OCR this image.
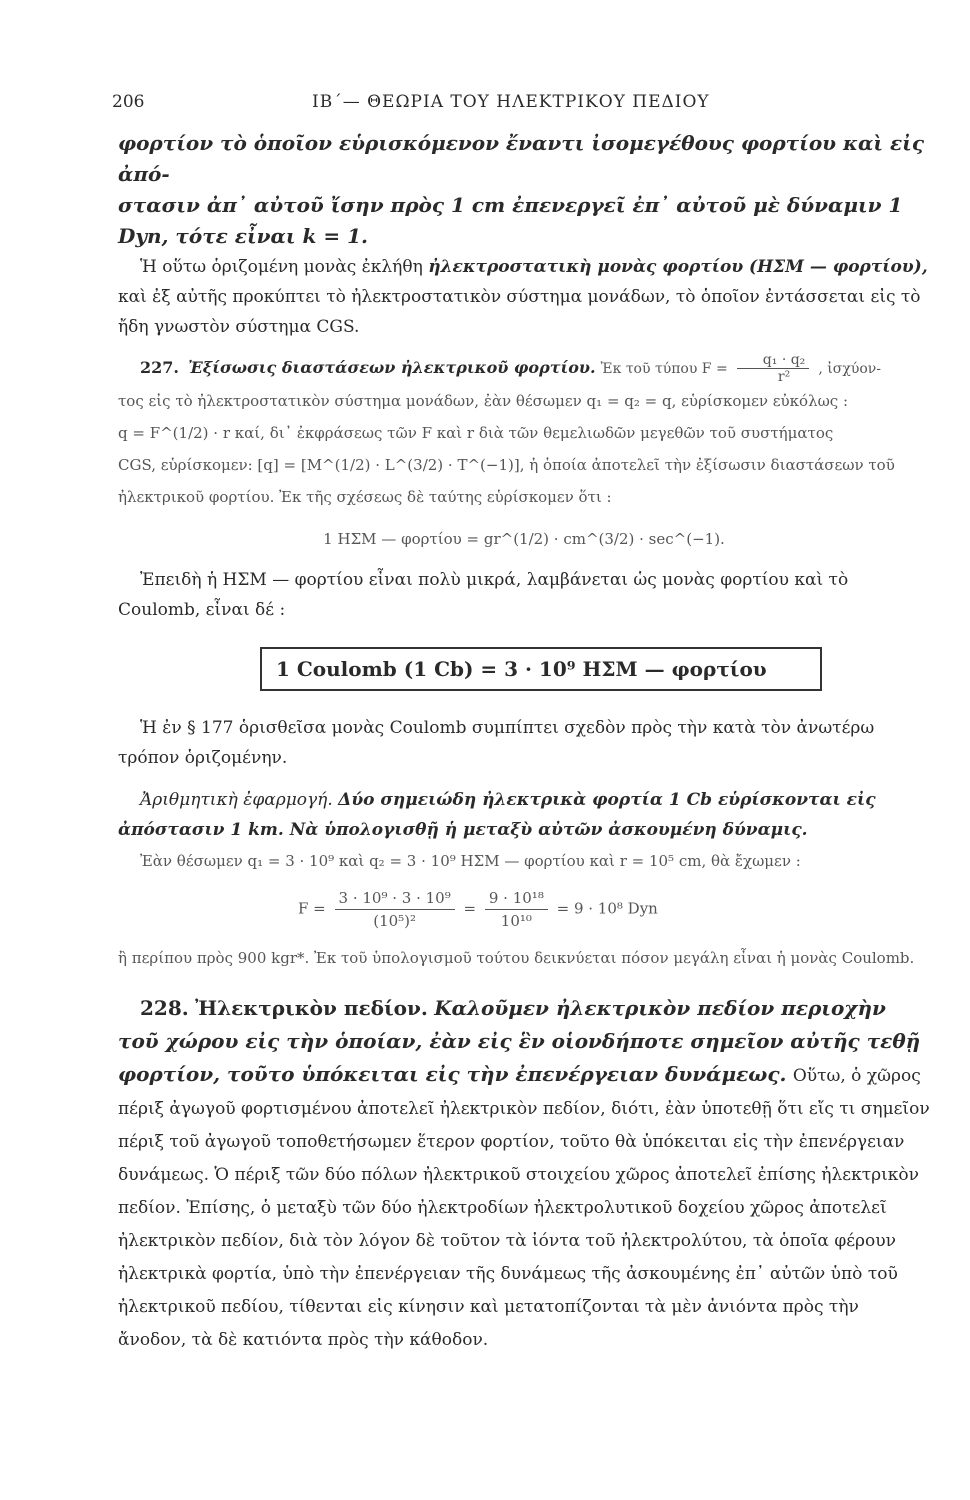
206	ΙΒ΄— ΘΕΩΡΙΑ ΤΟΥ ΗΛΕΚΤΡΙΚΟΥ ΠΕΔΙΟΥ

φορτίον τὸ ὁποῖον εὑρισκόμενον ἔναντι ἰσομεγέθους φορτίου καὶ εἰς ἀπό-

στασιν ἀπ᾽ αὐτοῦ ἴσην πρὸς 1 cm ἐπενεργεῖ ἐπ᾽ αὐτοῦ μὲ δύναμιν 1

Dyn, τότε εἶναι k = 1.

Ἡ οὕτω ὁριζομένη μονὰς ἐκλήθη ἠλεκτροστατικὴ μονὰς φορτίου (ΗΣΜ — φορτίου), καὶ ἐξ αὐτῆς προκύπτει τὸ ἠλεκτροστατικὸν σύστημα μονάδων, τὸ ὁποῖον ἐντάσσεται εἰς τὸ ἤδη γνωστὸν σύστημα CGS.

227. Ἐξίσωσις διαστάσεων ἠλεκτρικοῦ φορτίου. Ἐκ τοῦ τύπου $F = \frac{\text{q₁ · q₂}}{\text{r²}}$ , ἰσχύον-

τος εἰς τὸ ἠλεκτροστατικὸν σύστημα μονάδων, ἐὰν θέσωμεν q₁ = q₂ = q, εὑρίσκομεν εὐκόλως :

q = F^(1/2) · r καί, δι᾽ ἐκφράσεως τῶν F καὶ r διὰ τῶν θεμελιωδῶν μεγεθῶν τοῦ συστήματος

CGS, εὑρίσκομεν: [q] = [M^(1/2) · L^(3/2) · T^(−1)], ἡ ὁποία ἀποτελεῖ τὴν ἐξίσωσιν διαστάσεων τοῦ

ἠλεκτρικοῦ φορτίου. Ἐκ τῆς σχέσεως δὲ ταύτης εὑρίσκομεν ὅτι :

1 ΗΣΜ — φορτίου = gr^(1/2) · cm^(3/2) · sec^(−1).

Ἐπειδὴ ἡ ΗΣΜ — φορτίου εἶναι πολὺ μικρά, λαμβάνεται ὡς μονὰς φορτίου καὶ τὸ Coulomb, εἶναι δέ :

1 Coulomb (1 Cb) = 3 · 10⁹ ΗΣΜ — φορτίου

Ἡ ἐν § 177 ὁρισθεῖσα μονὰς Coulomb συμπίπτει σχεδὸν πρὸς τὴν κατὰ τὸν ἀνωτέρω τρόπον ὁριζομένην.

Ἀριθμητικὴ ἐφαρμογή. Δύο σημειώδη ἠλεκτρικὰ φορτία 1 Cb εὑρίσκονται εἰς ἀπόστασιν 1 km. Νὰ ὑπολογισθῇ ἡ μεταξὺ αὐτῶν ἀσκουμένη δύναμις.

Ἐὰν θέσωμεν q₁ = 3 · 10⁹ καὶ q₂ = 3 · 10⁹ ΗΣΜ — φορτίου καὶ r = 10⁵ cm, θὰ ἔχωμεν :

$F = \frac{\text{3 · 10⁹ · 3 · 10⁹}}{\text{(10⁵)²}} = \frac{\text{9 · 10¹⁸}}{\text{10¹⁰}} = 9 \cdot 10^8$ Dyn

ἢ περίπου πρὸς 900 kgr*. Ἐκ τοῦ ὑπολογισμοῦ τούτου δεικνύεται πόσον μεγάλη εἶναι ἡ μονὰς Coulomb.

228. Ἠλεκτρικὸν πεδίον. Καλοῦμεν ἠλεκτρικὸν πεδίον περιοχὴν τοῦ χώρου εἰς τὴν ὁποίαν, ἐὰν εἰς ἓν οἱονδήποτε σημεῖον αὐτῆς τεθῇ φορτίον, τοῦτο ὑπόκειται εἰς τὴν ἐπενέργειαν δυνάμεως. Οὕτω, ὁ χῶρος πέριξ ἀγωγοῦ φορτισμένου ἀποτελεῖ ἠλεκτρικὸν πεδίον, διότι, ἐὰν ὑποτεθῇ ὅτι εἴς τι σημεῖον πέριξ τοῦ ἀγωγοῦ τοποθετήσωμεν ἕτερον φορτίον, τοῦτο θὰ ὑπόκειται εἰς τὴν ἐπενέργειαν δυνάμεως. Ὁ πέριξ τῶν δύο πόλων ἠλεκτρικοῦ στοιχείου χῶρος ἀποτελεῖ ἐπίσης ἠλεκτρικὸν πεδίον. Ἐπίσης, ὁ μεταξὺ τῶν δύο ἠλεκτροδίων ἠλεκτρολυτικοῦ δοχείου χῶρος ἀποτελεῖ ἠλεκτρικὸν πεδίον, διὰ τὸν λόγον δὲ τοῦτον τὰ ἰόντα τοῦ ἠλεκτρολύτου, τὰ ὁποῖα φέρουν ἠλεκτρικὰ φορτία, ὑπὸ τὴν ἐπενέργειαν τῆς δυνάμεως τῆς ἀσκουμένης ἐπ᾽ αὐτῶν ὑπὸ τοῦ ἠλεκτρικοῦ πεδίου, τίθενται εἰς κίνησιν καὶ μετατοπίζονται τὰ μὲν ἀνιόντα πρὸς τὴν ἄνοδον, τὰ δὲ κατιόντα πρὸς τὴν κάθοδον.
